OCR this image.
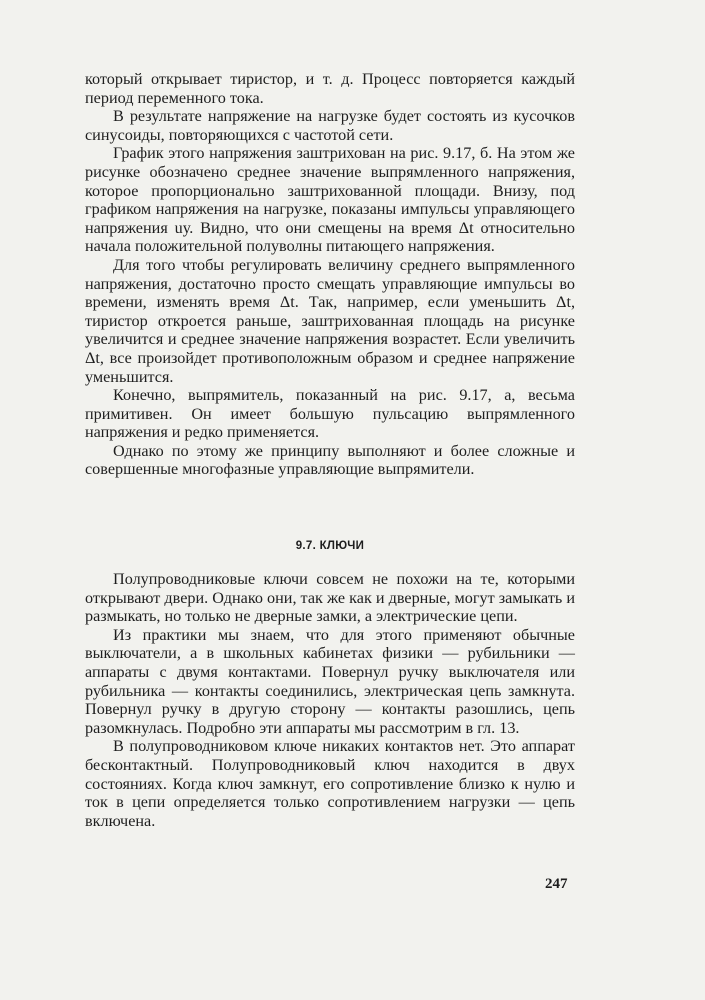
который открывает тиристор, и т. д. Процесс повторяется каждый период переменного тока.

В результате напряжение на нагрузке будет состоять из кусочков синусоиды, повторяющихся с частотой сети.

График этого напряжения заштрихован на рис. 9.17, б. На этом же рисунке обозначено среднее значение выпрямленного напряжения, которое пропорционально заштрихованной площади. Внизу, под графиком напряжения на нагрузке, показаны импульсы управляющего напряжения uу. Видно, что они смещены на время Δt относительно начала положительной полуволны питающего напряжения.

Для того чтобы регулировать величину среднего выпрямленного напряжения, достаточно просто смещать управляющие импульсы во времени, изменять время Δt. Так, например, если уменьшить Δt, тиристор откроется раньше, заштрихованная площадь на рисунке увеличится и среднее значение напряжения возрастет. Если увеличить Δt, все произойдет противоположным образом и среднее напряжение уменьшится.

Конечно, выпрямитель, показанный на рис. 9.17, а, весьма примитивен. Он имеет большую пульсацию выпрямленного напряжения и редко применяется.

Однако по этому же принципу выполняют и более сложные и совершенные многофазные управляющие выпрямители.

9.7. КЛЮЧИ

Полупроводниковые ключи совсем не похожи на те, которыми открывают двери. Однако они, так же как и дверные, могут замыкать и размыкать, но только не дверные замки, а электрические цепи.

Из практики мы знаем, что для этого применяют обычные выключатели, а в школьных кабинетах физики — рубильники — аппараты с двумя контактами. Повернул ручку выключателя или рубильника — контакты соединились, электрическая цепь замкнута. Повернул ручку в другую сторону — контакты разошлись, цепь разомкнулась. Подробно эти аппараты мы рассмотрим в гл. 13.

В полупроводниковом ключе никаких контактов нет. Это аппарат бесконтактный. Полупроводниковый ключ находится в двух состояниях. Когда ключ замкнут, его сопротивление близко к нулю и ток в цепи определяется только сопротивлением нагрузки — цепь включена.

247
